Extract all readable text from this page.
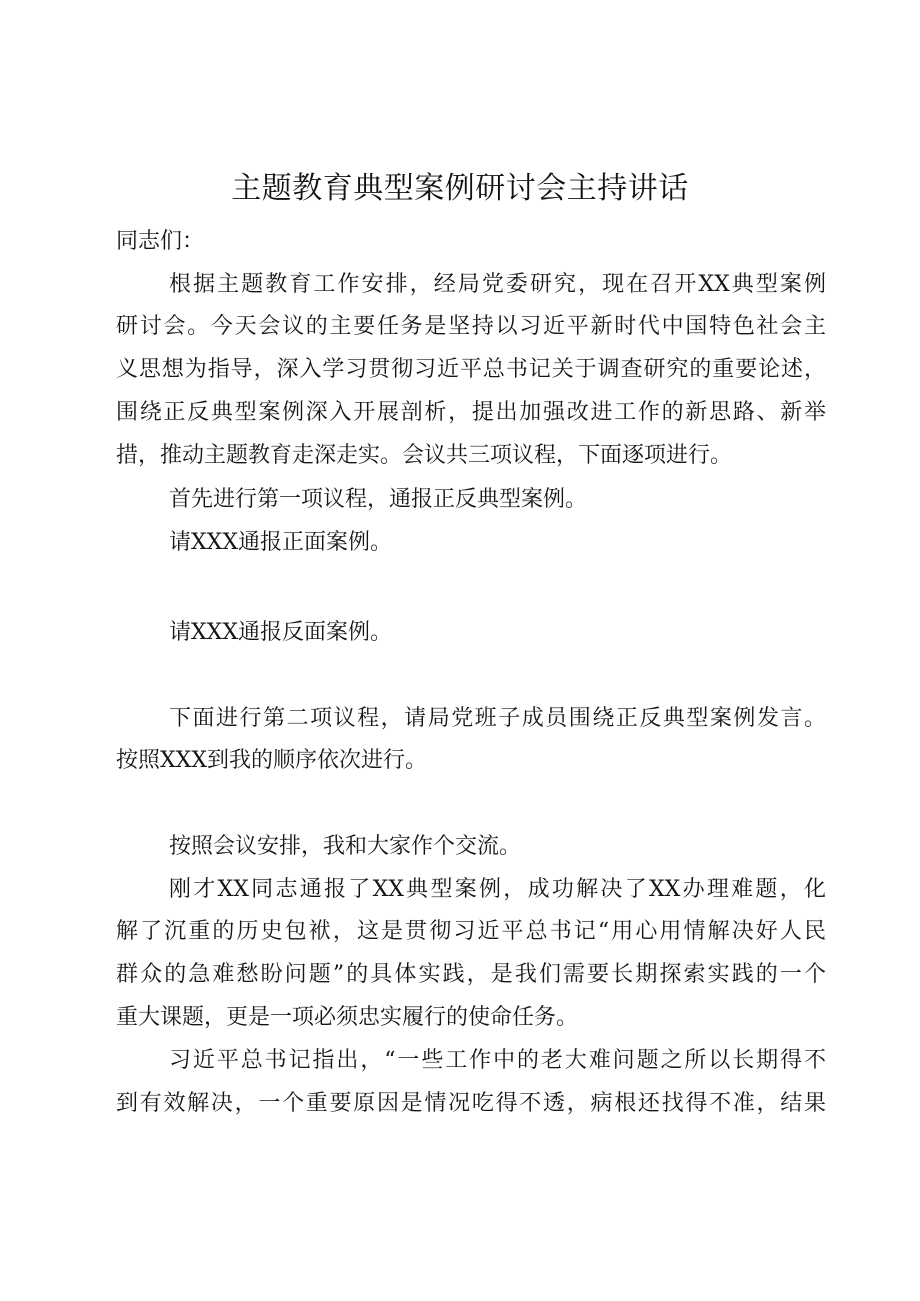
主题教育典型案例研讨会主持讲话
同志们：
根据主题教育工作安排，经局党委研究，现在召开XX典型案例
研讨会。今天会议的主要任务是坚持以习近平新时代中国特色社会主
义思想为指导，深入学习贯彻习近平总书记关于调查研究的重要论述，
围绕正反典型案例深入开展剖析，提出加强改进工作的新思路、新举
措，推动主题教育走深走实。会议共三项议程，下面逐项进行。
首先进行第一项议程，通报正反典型案例。
请XXX通报正面案例。
请XXX通报反面案例。
下面进行第二项议程，请局党班子成员围绕正反典型案例发言。
按照XXX到我的顺序依次进行。
按照会议安排，我和大家作个交流。
刚才XX同志通报了XX典型案例，成功解决了XX办理难题，化
解了沉重的历史包袱，这是贯彻习近平总书记“用心用情解决好人民
群众的急难愁盼问题”的具体实践，是我们需要长期探索实践的一个
重大课题，更是一项必须忠实履行的使命任务。
习近平总书记指出，“一些工作中的老大难问题之所以长期得不
到有效解决，一个重要原因是情况吃得不透，病根还找得不准，结果
